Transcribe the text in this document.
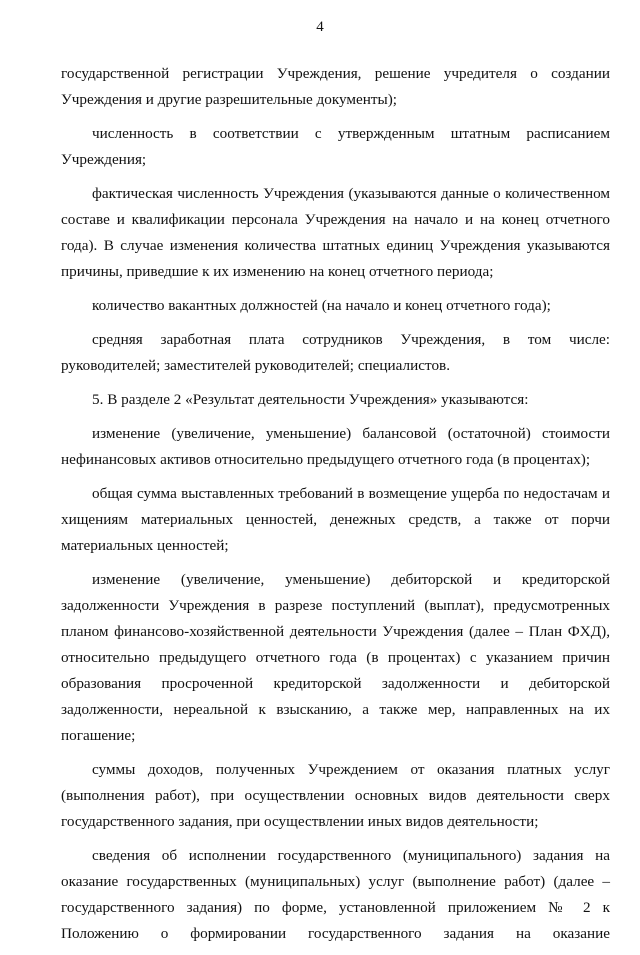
4

государственной регистрации Учреждения, решение учредителя о создании Учреждения и другие разрешительные документы);

численность в соответствии с утвержденным штатным расписанием Учреждения;

фактическая численность Учреждения (указываются данные о количественном составе и квалификации персонала Учреждения на начало и на конец отчетного года). В случае изменения количества штатных единиц Учреждения указываются причины, приведшие к их изменению на конец отчетного периода;

количество вакантных должностей (на начало и конец отчетного года);

средняя заработная плата сотрудников Учреждения, в том числе: руководителей; заместителей руководителей; специалистов.

5. В разделе 2 «Результат деятельности Учреждения» указываются:

изменение (увеличение, уменьшение) балансовой (остаточной) стоимости нефинансовых активов относительно предыдущего отчетного года (в процентах);

общая сумма выставленных требований в возмещение ущерба по недостачам и хищениям материальных ценностей, денежных средств, а также от порчи материальных ценностей;

изменение (увеличение, уменьшение) дебиторской и кредиторской задолженности Учреждения в разрезе поступлений (выплат), предусмотренных планом финансово-хозяйственной деятельности Учреждения (далее – План ФХД), относительно предыдущего отчетного года (в процентах) с указанием причин образования просроченной кредиторской задолженности и дебиторской задолженности, нереальной к взысканию, а также мер, направленных на их погашение;

суммы доходов, полученных Учреждением от оказания платных услуг (выполнения работ), при осуществлении основных видов деятельности сверх государственного задания, при осуществлении иных видов деятельности;

сведения об исполнении государственного (муниципального) задания на оказание государственных (муниципальных) услуг (выполнение работ) (далее – государственного задания) по форме, установленной приложением № 2 к Положению о формировании государственного задания на оказание
